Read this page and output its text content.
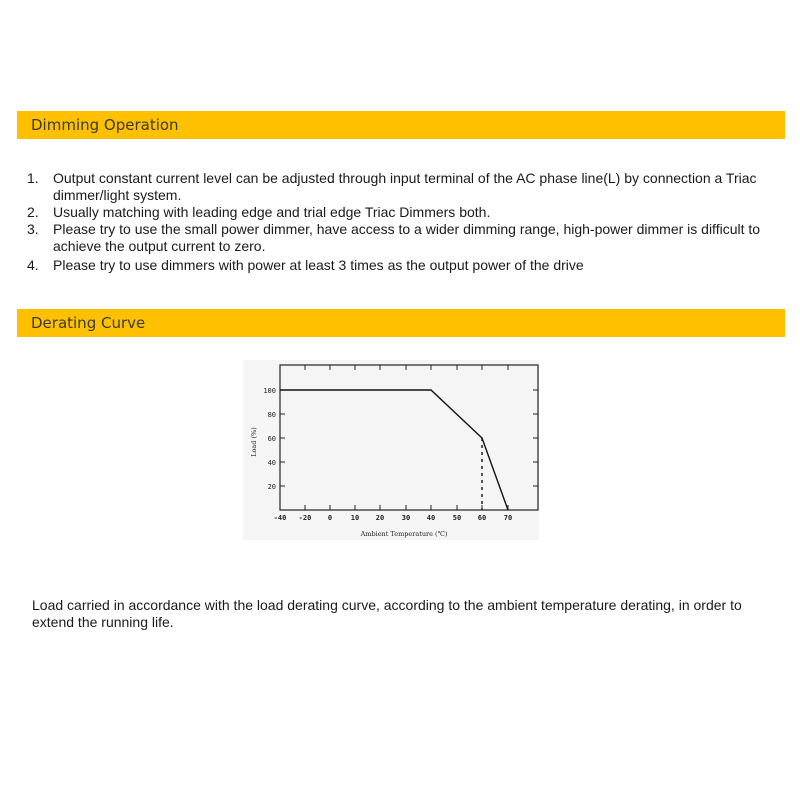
Dimming Operation
1. Output constant current level can be adjusted through input terminal of the AC phase line(L) by connection a Triac dimmer/light system.
2. Usually matching with leading edge and trial edge Triac Dimmers both.
3. Please try to use the small power dimmer, have access to a wider dimming range, high-power dimmer is difficult to achieve the output current to zero.
4. Please try to use dimmers with power at least 3 times as the output power of the drive
Derating Curve
20
40
60
80
100
-40 -20 0	10 20	30 40	50 60	70
Ambient Temperature (℃)
Load (%)
Load carried in accordance with the load derating curve, according to the ambient temperature derating, in order to extend the running life.
